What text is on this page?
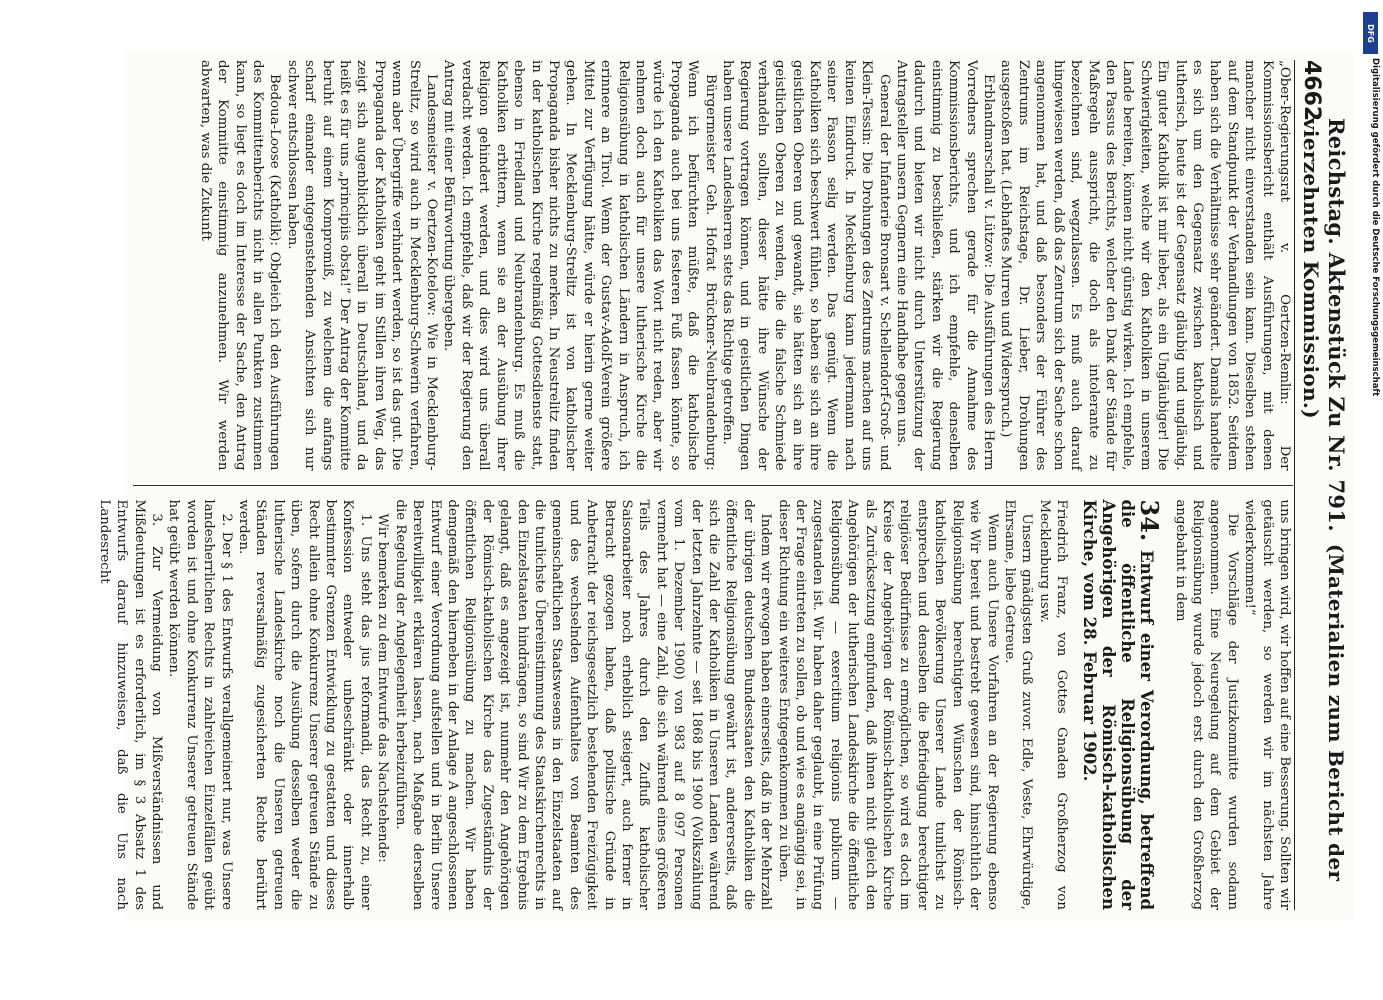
4662
Reichstag. Aktenstück Zu Nr. 791.(Materialien zum Bericht der vierzehnten Kommission.)

„Ober-Regierungsrat v. Oertzen-Remlin: Der Kommissionsbericht enthält Ausführungen, mit denen mancher nicht einverstanden sein kann. Dieselben stehen auf dem Standpunkt der Verhandlungen von 1852. Seitdem haben sich die Verhältnisse sehr geändert. Damals handelte es sich um den Gegensatz zwischen katholisch und lutherisch, heute ist der Gegensatz gläubig und ungläubig. Ein guter Katholik ist mir lieber, als ein Ungläubiger! Die Schwierigkeiten, welche wir den Katholiken in unserem Lande bereiten, können nicht günstig wirken. Ich empfehle, den Passus des Berichts, welcher den Dank der Stände für Maßregeln ausspricht, die doch als intolerante zu bezeichnen sind, wegzulassen. Es muß auch darauf hingewiesen werden, daß das Zentrum sich der Sache schon angenommen hat, und daß besonders der Führer des Zentrums im Reichstage, Dr. Lieber, Drohungen ausgestoßen hat. (Lebhaftes Murren und Widerspruch.)

Erblandmarschall v. Lützow: Die Ausführungen des Herrn Vorredners sprechen gerade für die Annahme des Kommissionsberichts, und ich empfehle, denselben einstimmig zu beschließen, stärken wir die Regierung dadurch und bieten wir nicht durch Unterstützung der Antragsteller unsern Gegnern eine Handhabe gegen uns.

General der Infanterie Bronsart v. Schellendorf-Groß- und Klein-Tessin: Die Drohungen des Zentrums machen auf uns keinen Eindruck. In Mecklenburg kann jedermann nach seiner Fasson selig werden. Das genügt. Wenn die Katholiken sich beschwert fühlen, so haben sie sich an ihre geistlichen Oberen und gewandt, sie hätten sich an ihre geistlichen Oberen zu wenden, die die falsche Schmiede verhandeln sollten, dieser hätte ihre Wünsche der Regierung vortragen können, und in geistlichen Dingen haben unsere Landesherren stets das Richtige getroffen.

Bürgermeister Geh. Hofrat Brückner-Neubrandenburg: Wenn ich befürchten müßte, daß die katholische Propaganda auch bei uns festeren Fuß fassen könnte, so würde ich den Katholiken das Wort nicht reden, aber wir nehmen doch auch für unsere lutherische Kirche die Religionsübung in katholischen Ländern in Anspruch, ich erinnere an Tirol. Wenn der Gustav-Adolf-Verein größere Mittel zur Verfügung hätte, würde er hierin gerne weiter gehen. In Mecklenburg-Strelitz ist von katholischer Propaganda bisher nichts zu merken. In Neustrelitz finden in der katholischen Kirche regelmäßig Gottesdienste statt, ebenso in Friedland und Neubrandenburg. Es muß die Katholiken erbittern, wenn sie an der Ausübung ihrer Religion gehindert werden, und dies wird uns überall verdacht werden. Ich empfehle, daß wir der Regierung den Antrag mit einer Befürwortung übergeben.

Landesmeister v. Oertzen-Kotelow: Wie in Mecklenburg-Strelitz, so wird auch in Mecklenburg-Schwerin verfahren, wenn aber Übergriffe verhindert werden, so ist das gut. Die Propaganda der Katholiken geht im Stillen ihren Weg, das zeigt sich augenblicklich überall in Deutschland, und da heißt es für uns „principiis obsta!“ Der Antrag der Kommitte beruht auf einem Kompromiß, zu welchem die anfangs scharf einander entgegenstehenden Ansichten sich nur schwer entschlossen haben.

Bedoua-Loose (Katholik): Obgleich ich den Ausführungen des Kommittenberichts nicht in allen Punkten zustimmen kann, so liegt es doch im Interesse der Sache, den Antrag der Kommitte einstimmig anzunehmen. Wir werden abwarten, was die Zukunft

uns bringen wird, wir hoffen auf eine Besserung. Sollten wir getäuscht werden, so werden wir im nächsten Jahre wiederkommen!“

Die Vorschläge der Justizkommitte wurden sodann angenommen. Eine Neuregelung auf dem Gebiet der Religionsübung wurde jedoch erst durch den Großherzog angebahnt in dem

34. Entwurf einer Verordnung, betreffend die öffentliche Religionsübung der Angehörigen der Römisch-katholischen Kirche, vom 28. Februar 1902.

Friedrich Franz, von Gottes Gnaden Großherzog von Mecklenburg usw.

Unsern gnädigsten Gruß zuvor. Edle, Veste, Ehrwürdige, Ehrsame, liebe Getreue.

Wenn auch Unsere Vorfahren an der Regierung ebenso wie Wir bereit und bestrebt gewesen sind, hinsichtlich der Religionsübung berechtigten Wünschen der Römisch-katholischen Bevölkerung Unserer Lande tunlichst zu entsprechen und denselben die Befriedigung berechtigter religiöser Bedürfnisse zu ermöglichen, so wird es doch im Kreise der Angehörigen der Römisch-katholischen Kirche als Zurücksetzung empfunden, daß ihnen nicht gleich den Angehörigen der lutherischen Landeskirche die öffentliche Religionsübung — exercitium religionis publicum — zugestanden ist. Wir haben daher geglaubt, in eine Prüfung der Frage eintreten zu sollen, ob und wie es angängig sei, in dieser Richtung ein weiteres Entgegenkommen zu üben.

Indem wir erwogen haben einerseits, daß in der Mehrzahl der übrigen deutschen Bundesstaaten den Katholiken die öffentliche Religionsübung gewährt ist, andererseits, daß sich die Zahl der Katholiken in Unseren Landen während der letzten Jahrzehnte — seit 1868 bis 1900 (Volkszählung vom 1. Dezember 1900) von 983 auf 8 097 Personen vermehrt hat — eine Zahl, die sich während eines größeren Teils des Jahres durch den Zufluß katholischer Saisonarbeiter noch erheblich steigert, auch ferner in Betracht gezogen haben, daß politische Gründe in Anbetracht der reichsgesetzlich bestehenden Freizügigkeit und des wechselnden Aufenthaltes von Beamten des gemeinschaftlichen Staatswesens in den Einzelstaaten auf die tunlichste Übereinstimmung des Staatskirchenrechts in den Einzelstaaten hindrängen, so sind Wir zu dem Ergebnis gelangt, daß es angezeigt ist, nunmehr den Angehörigen der Römisch-katholischen Kirche das Zugeständnis der öffentlichen Religionsübung zu machen. Wir haben demgemäß den hierneben in der Anlage A angeschlossenen Entwurf einer Verordnung aufstellen und in Berlin Unsere Bereitwilligkeit erklären lassen, nach Maßgabe derselben die Regelung der Angelegenheit herbeizuführen.

Wir bemerken zu dem Entwurfe das Nachstehende:

1. Uns steht das jus reformandi, das Recht zu, einer Konfession entweder unbeschränkt oder innerhalb bestimmter Grenzen Entwicklung zu gestatten und dieses Recht allein ohne Konkurrenz Unserer getreuen Stände zu üben, sofern durch die Ausübung desselben weder die lutherische Landeskirche noch die Unseren getreuen Ständen reversalmäßig zugesicherten Rechte berührt werden.

2. Der § 1 des Entwurfs verallgemeinert nur, was Unsere landesherrlichen Rechts in zahlreichen Einzelfällen geübt worden ist und ohne Konkurrenz Unserer getreuen Stände hat geübt werden können.

3. Zur Vermeidung von Mißverständnissen und Mißdeutungen ist es erforderlich, im § 3 Absatz 1 des Entwurfs darauf hinzuweisen, daß die Uns nach Landesrecht

DFG
Digitalisierung gefördert durch die Deutsche Forschungsgemeinschaft
